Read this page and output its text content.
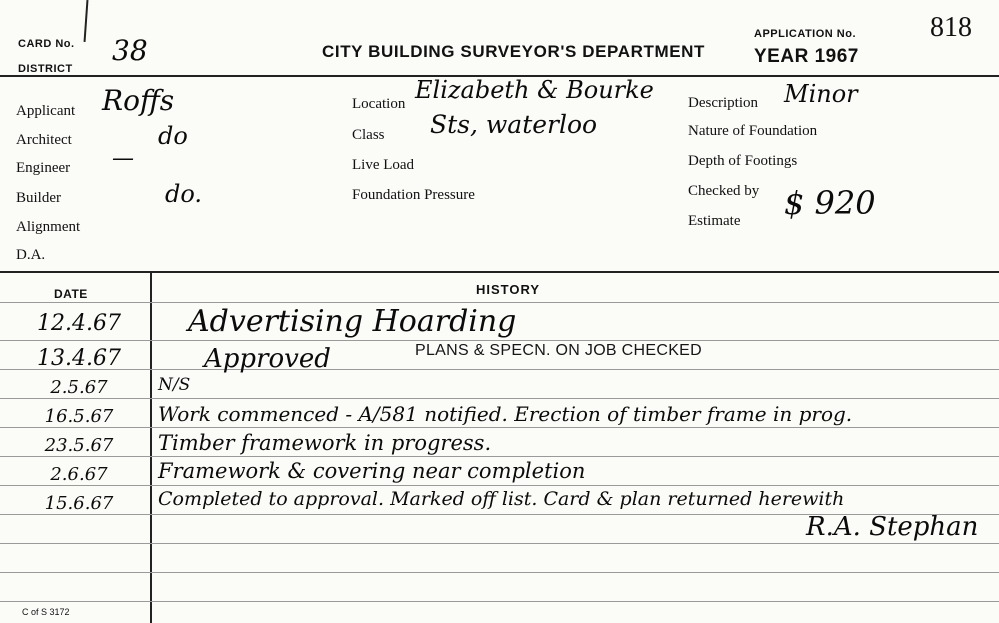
CARD No.
DISTRICT
38	CITY BUILDING SURVEYOR'S DEPARTMENT
APPLICATION No.	818
YEAR 1967
Applicant Roffs
Architect	do
Engineer —
Builder	do.
Alignment
D.A.
Location Elizabeth & Bourke
Class Sts, waterloo
Live Load
Foundation Pressure
Description Minor
Nature of Foundation
Depth of Footings
Checked by $ 920
Estimate
DATE	HISTORY
12.4.67	Advertising Hoarding
13.4.67	Approved	PLANS & SPECN. ON JOB CHECKED
2.5.67	N/S
16.5.67	Work commenced - A/581 notified. Erection of timber frame in prog.
23.5.67	Timber framework in progress.
2.6.67	Framework & covering near completion
15.6.67	Completed to approval. Marked off list. Card & plan returned herewith
R.A. Stephan
C of S 3172
